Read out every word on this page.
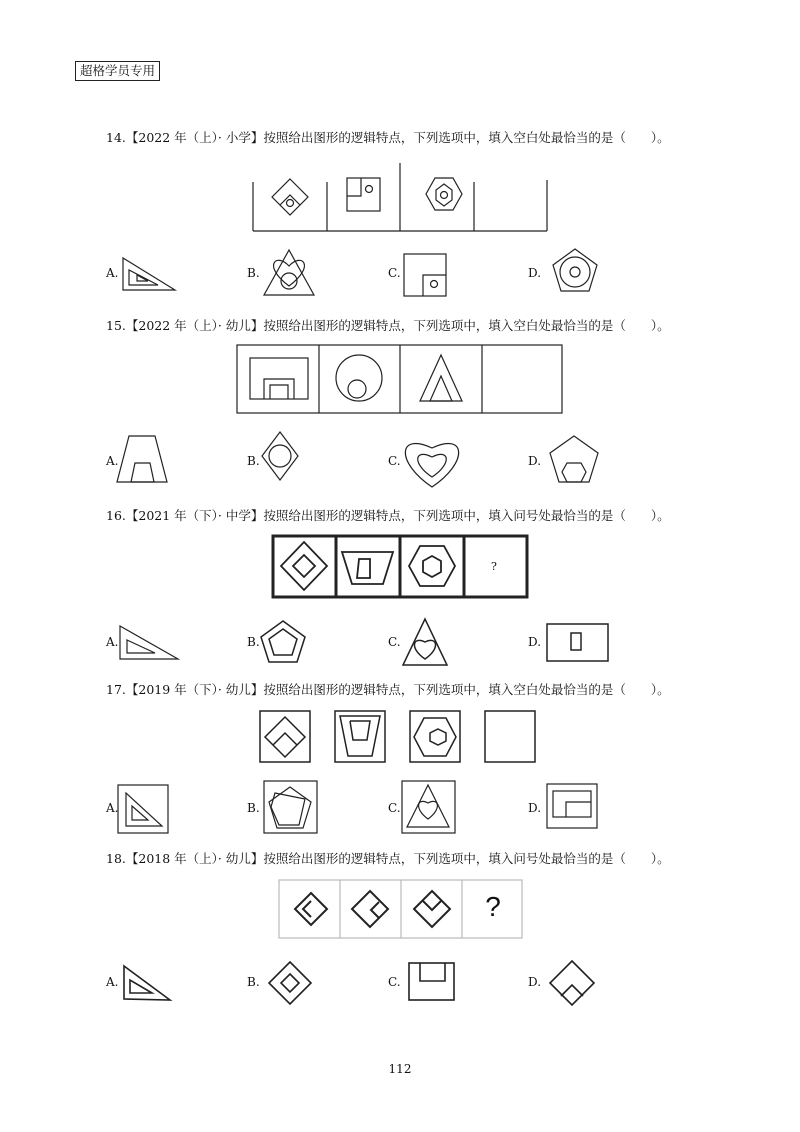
超格学员专用
14.【2022 年（上）· 小学】按照给出图形的逻辑特点，下列选项中，填入空白处最恰当的是（　　）。
15.【2022 年（上）· 幼儿】按照给出图形的逻辑特点，下列选项中，填入空白处最恰当的是（　　）。
16.【2021 年（下）· 中学】按照给出图形的逻辑特点，下列选项中，填入问号处最恰当的是（　　）。
17.【2019 年（下）· 幼儿】按照给出图形的逻辑特点，下列选项中，填入空白处最恰当的是（　　）。
18.【2018 年（上）· 幼儿】按照给出图形的逻辑特点，下列选项中，填入问号处最恰当的是（　　）。
?
?
A.	B.	C.	D.
A.	B.	C.	D.
A.	B.	C.	D.
A.	B.	C.	D.
A.	B.	C.	D.
112
